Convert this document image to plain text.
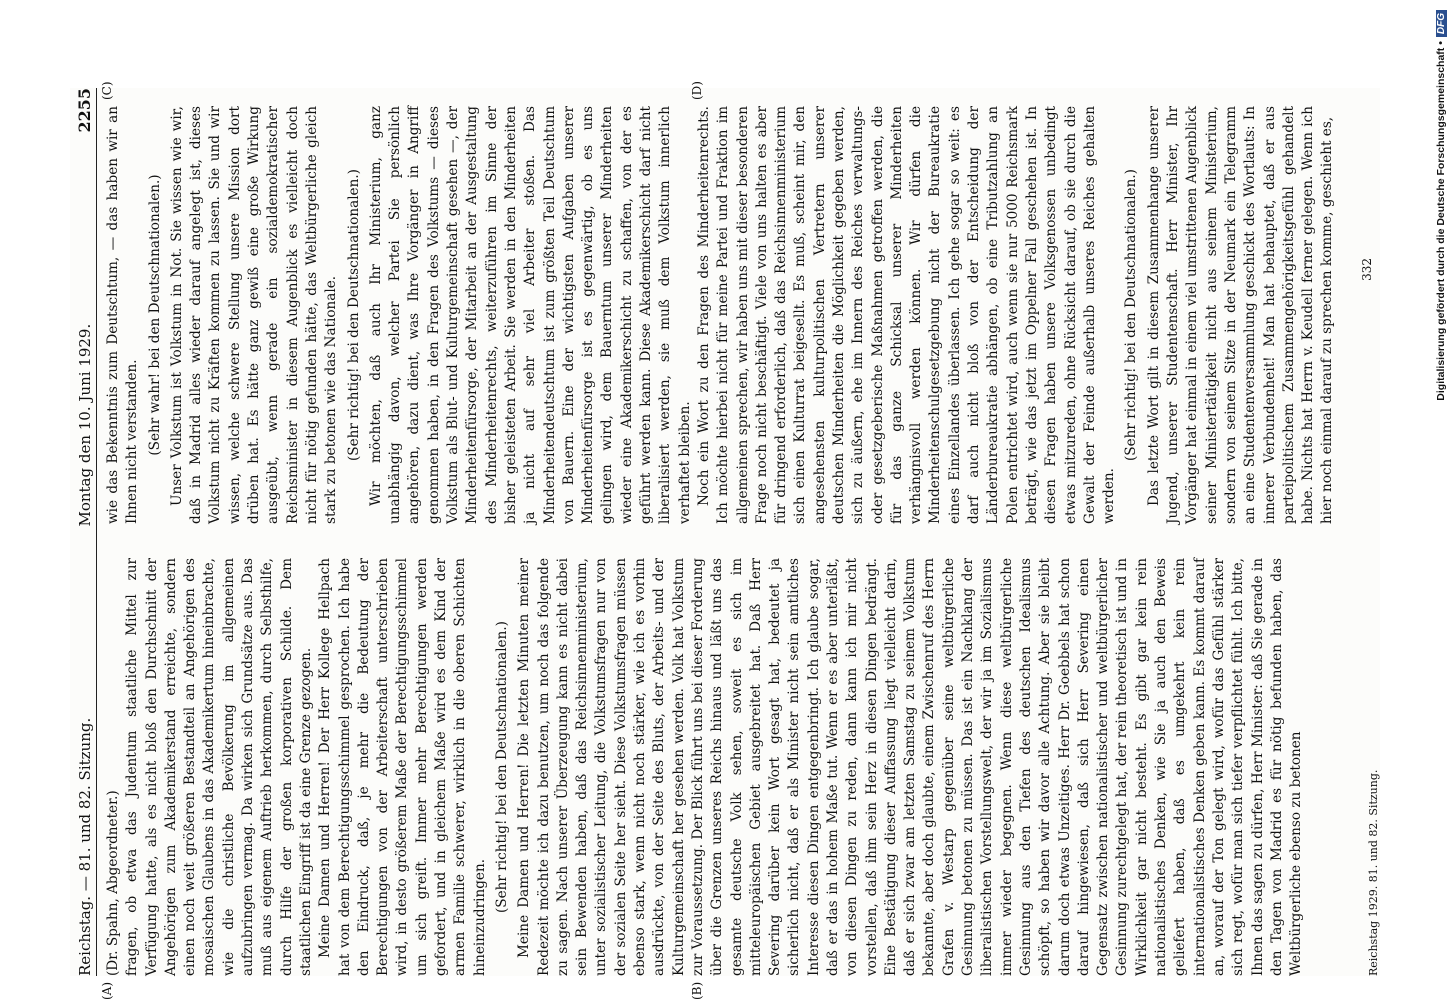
Reichstag. — 81. und 82. Sitzung.
Montag den 10. Juni 1929.
2255
(A)	(B)
(C)	(D)

(Dr. Spahn, Abgeordneter.) fragen, ob etwa das Judentum staatliche Mittel zur Verfügung hatte, als es nicht bloß den Durchschnitt der Angehörigen zum Akademikerstand erreichte, sondern einen noch weit größeren Bestandteil an Angehörigen des mosaischen Glaubens in das Akademikertum hineinbrachte, wie die christliche Bevölkerung im allgemeinen aufzubringen vermag. Da wirken sich Grundsätze aus. Das muß aus eigenem Auftrieb herkommen, durch Selbsthilfe, durch Hilfe der großen korporativen Schilde. Dem staatlichen Eingriff ist da eine Grenze gezogen. Meine Damen und Herren! Der Herr Kollege Hellpach hat von dem Berechtigungsschimmel gesprochen. Ich habe den Eindruck, daß, je mehr die Bedeutung der Berechtigungen von der Arbeiterschaft unterschrieben wird, in desto größerem Maße der Berechtigungsschimmel um sich greift. Immer mehr Berechtigungen werden gefordert, und in gleichem Maße wird es dem Kind der armen Familie schwerer, wirklich in die oberen Schichten hineinzudringen.

(Sehr richtig! bei den Deutschnationalen.) Meine Damen und Herren! Die letzten Minuten meiner Redezeit möchte ich dazu benutzen, um noch das folgende zu sagen. Nach unserer Überzeugung kann es nicht dabei sein Bewenden haben, daß das Reichsinnenministerium, unter sozialistischer Leitung, die Volkstumsfragen nur von der sozialen Seite her sieht. Diese Volkstumsfragen müssen ebenso stark, wenn nicht noch stärker, wie ich es vorhin ausdrückte, von der Seite des Bluts, der Arbeits- und der Kulturgemeinschaft her gesehen werden. Volk hat Volkstum zur Voraussetzung. Der Blick führt uns bei dieser Forderung über die Grenzen unseres Reichs hinaus und läßt uns das gesamte deutsche Volk sehen, soweit es sich im mitteleuropäischen Gebiet ausgebreitet hat. Daß Herr Severing darüber kein Wort gesagt hat, bedeutet ja sicherlich nicht, daß er als Minister nicht sein amtliches Interesse diesen Dingen entgegenbringt. Ich glaube sogar, daß er das in hohem Maße tut. Wenn er es aber unterläßt, von diesen Dingen zu reden, dann kann ich mir nicht vorstellen, daß ihm sein Herz in diesen Dingen bedrängt. Eine Bestätigung dieser Auffassung liegt vielleicht darin, daß er sich zwar am letzten Samstag zu seinem Volkstum bekannte, aber doch glaubte, einem Zwischenruf des Herrn Grafen v. Westarp gegenüber seine weltbürgerliche Gesinnung betonen zu müssen. Das ist ein Nachklang der liberalistischen Vorstellungswelt, der wir ja im Sozialismus immer wieder begegnen. Wenn diese weltbürgerliche Gesinnung aus den Tiefen des deutschen Idealismus schöpft, so haben wir davor alle Achtung. Aber sie bleibt darum doch etwas Unzeitiges. Herr Dr. Goebbels hat schon darauf hingewiesen, daß sich Herr Severing einen Gegensatz zwischen nationalistischer und weltbürgerlicher Gesinnung zurechtgelegt hat, der rein theoretisch ist und in Wirklichkeit gar nicht besteht. Es gibt gar kein rein nationalistisches Denken, wie Sie ja auch den Beweis geliefert haben, daß es umgekehrt kein rein internationalistisches Denken geben kann. Es kommt darauf an, worauf der Ton gelegt wird, wofür das Gefühl stärker sich regt, wofür man sich tiefer verpflichtet fühlt. Ich bitte, Ihnen das sagen zu dürfen, Herr Minister: daß Sie gerade in den Tagen von Madrid es für nötig befunden haben, das Weltbürgerliche ebenso zu betonen

wie das Bekenntnis zum Deutschtum, — das haben wir an Ihnen nicht verstanden. (Sehr wahr! bei den Deutschnationalen.) Unser Volkstum ist Volkstum in Not. Sie wissen wie wir, daß in Madrid alles wieder darauf angelegt ist, dieses Volkstum nicht zu Kräften kommen zu lassen. Sie und wir wissen, welche schwere Stellung unsere Mission dort drüben hat. Es hätte ganz gewiß eine große Wirkung ausgeübt, wenn gerade ein sozialdemokratischer Reichsminister in diesem Augenblick es vielleicht doch nicht für nötig gefunden hätte, das Weltbürgerliche gleich stark zu betonen wie das Nationale. (Sehr richtig! bei den Deutschnationalen.) Wir möchten, daß auch Ihr Ministerium, ganz unabhängig davon, welcher Partei Sie persönlich angehören, dazu dient, was Ihre Vorgänger in Angriff genommen haben, in den Fragen des Volkstums — dieses Volkstum als Blut- und Kulturgemeinschaft gesehen —, der Minderheitenfürsorge, der Mitarbeit an der Ausgestaltung des Minderheitenrechts, weiterzuführen im Sinne der bisher geleisteten Arbeit. Sie werden in den Minderheiten ja nicht auf sehr viel Arbeiter stoßen. Das Minderheitendeutschtum ist zum größten Teil Deutschtum von Bauern. Eine der wichtigsten Aufgaben unserer Minderheitenfürsorge ist es gegenwärtig, ob es uns gelingen wird, dem Bauerntum unserer Minderheiten wieder eine Akademikerschicht zu schaffen, von der es geführt werden kann. Diese Akademikerschicht darf nicht liberalisiert werden, sie muß dem Volkstum innerlich verhaftet bleiben. Noch ein Wort zu den Fragen des Minderheitenrechts. Ich möchte hierbei nicht für meine Partei und Fraktion im allgemeinen sprechen, wir haben uns mit dieser besonderen Frage noch nicht beschäftigt. Viele von uns halten es aber für dringend erforderlich, daß das Reichsinnenministerium sich einen Kulturrat beigesellt. Es muß, scheint mir, den angesehensten kulturpolitischen Vertretern unserer deutschen Minderheiten die Möglichkeit gegeben werden, sich zu äußern, ehe im Innern des Reiches verwaltungs- oder gesetzgeberische Maßnahmen getroffen werden, die für das ganze Schicksal unserer Minderheiten verhängnisvoll werden können. Wir dürfen die Minderheitenschulgesetzgebung nicht der Bureaukratie eines Einzellandes überlassen. Ich gehe sogar so weit: es darf auch nicht bloß von der Entscheidung der Länderbureaukratie abhängen, ob eine Tributzahlung an Polen entrichtet wird, auch wenn sie nur 5000 Reichsmark beträgt, wie das jetzt im Oppelner Fall geschehen ist. In diesen Fragen haben unsere Volksgenossen unbedingt etwas mitzureden, ohne Rücksicht darauf, ob sie durch die Gewalt der Feinde außerhalb unseres Reiches gehalten werden.

(Sehr richtig! bei den Deutschnationalen.) Das letzte Wort gilt in diesem Zusammenhange unserer Jugend, unserer Studentenschaft. Herr Minister, Ihr Vorgänger hat einmal in einem viel umstrittenen Augenblick seiner Ministertätigkeit nicht aus seinem Ministerium, sondern von seinem Sitze in der Neumark ein Telegramm an eine Studentenversammlung geschickt des Wortlauts: In innerer Verbundenheit! Man hat behauptet, daß er aus parteipolitischem Zusammengehörigkeitsgefühl gehandelt habe. Nichts hat Herrn v. Keudell ferner gelegen. Wenn ich hier noch einmal darauf zu sprechen komme, geschieht es,

Reichstag 1929. 81. und 82. Sitzung.
332	Digitalisierung gefördert durch die Deutsche Forschungsgemeinschaft •
DFG
